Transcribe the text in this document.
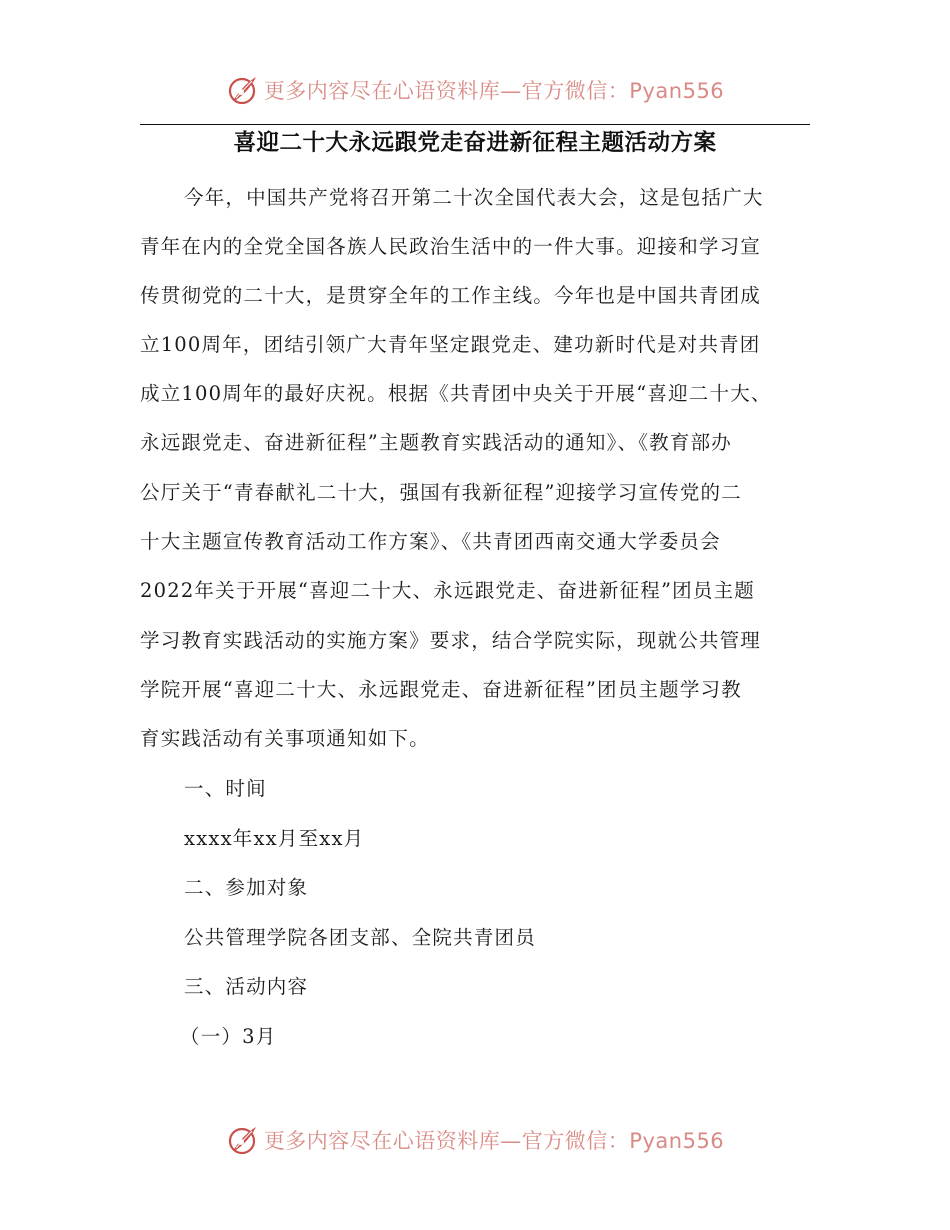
更多内容尽在心语资料库—官方微信：Pyan556
喜迎二十大永远跟党走奋进新征程主题活动方案
今年，中国共产党将召开第二十次全国代表大会，这是包括广大
青年在内的全党全国各族人民政治生活中的一件大事。迎接和学习宣
传贯彻党的二十大，是贯穿全年的工作主线。今年也是中国共青团成
立100周年，团结引领广大青年坚定跟党走、建功新时代是对共青团
成立100周年的最好庆祝。根据《共青团中央关于开展“喜迎二十大、
永远跟党走、奋进新征程”主题教育实践活动的通知》、《教育部办
公厅关于“青春献礼二十大，强国有我新征程”迎接学习宣传党的二
十大主题宣传教育活动工作方案》、《共青团西南交通大学委员会
2022年关于开展“喜迎二十大、永远跟党走、奋进新征程”团员主题
学习教育实践活动的实施方案》要求，结合学院实际，现就公共管理
学院开展“喜迎二十大、永远跟党走、奋进新征程”团员主题学习教
育实践活动有关事项通知如下。
一、时间
xxxx年xx月至xx月
二、参加对象
公共管理学院各团支部、全院共青团员
三、活动内容
（一）3月
更多内容尽在心语资料库—官方微信：Pyan556
